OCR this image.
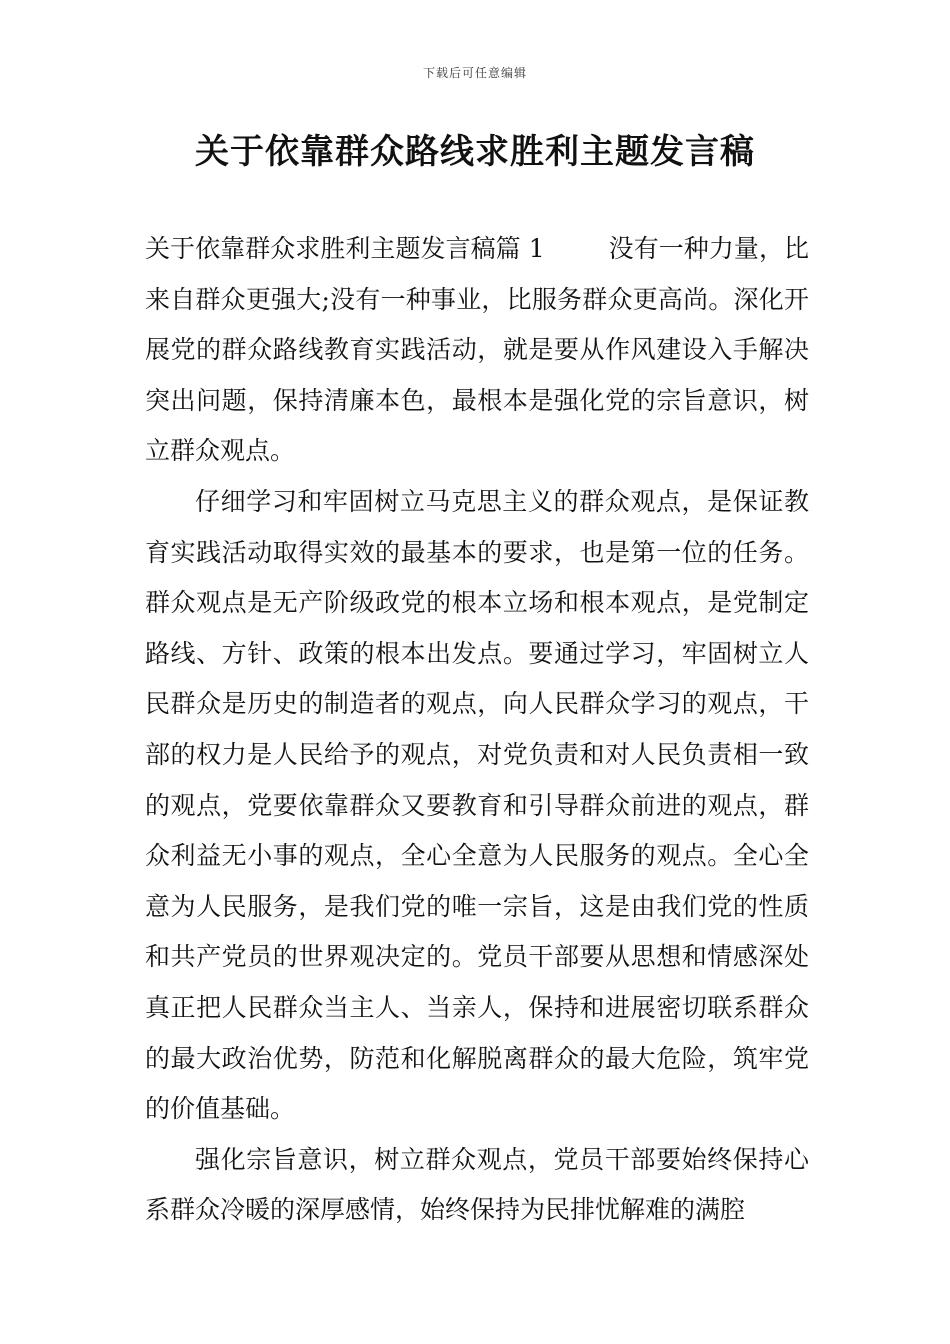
下载后可任意编辑
关于依靠群众路线求胜利主题发言稿

关于依靠群众求胜利主题发言稿篇 1	没有一种力量，比来自群众更强大;没有一种事业，比服务群众更高尚。深化开展党的群众路线教育实践活动，就是要从作风建设入手解决突出问题，保持清廉本色，最根本是强化党的宗旨意识，树立群众观点。

仔细学习和牢固树立马克思主义的群众观点，是保证教育实践活动取得实效的最基本的要求，也是第一位的任务。群众观点是无产阶级政党的根本立场和根本观点，是党制定路线、方针、政策的根本出发点。要通过学习，牢固树立人民群众是历史的制造者的观点，向人民群众学习的观点，干部的权力是人民给予的观点，对党负责和对人民负责相一致的观点，党要依靠群众又要教育和引导群众前进的观点，群众利益无小事的观点，全心全意为人民服务的观点。全心全意为人民服务，是我们党的唯一宗旨，这是由我们党的性质和共产党员的世界观决定的。党员干部要从思想和情感深处真正把人民群众当主人、当亲人，保持和进展密切联系群众的最大政治优势，防范和化解脱离群众的最大危险，筑牢党的价值基础。

强化宗旨意识，树立群众观点，党员干部要始终保持心系群众冷暖的深厚感情，始终保持为民排忧解难的满腔
